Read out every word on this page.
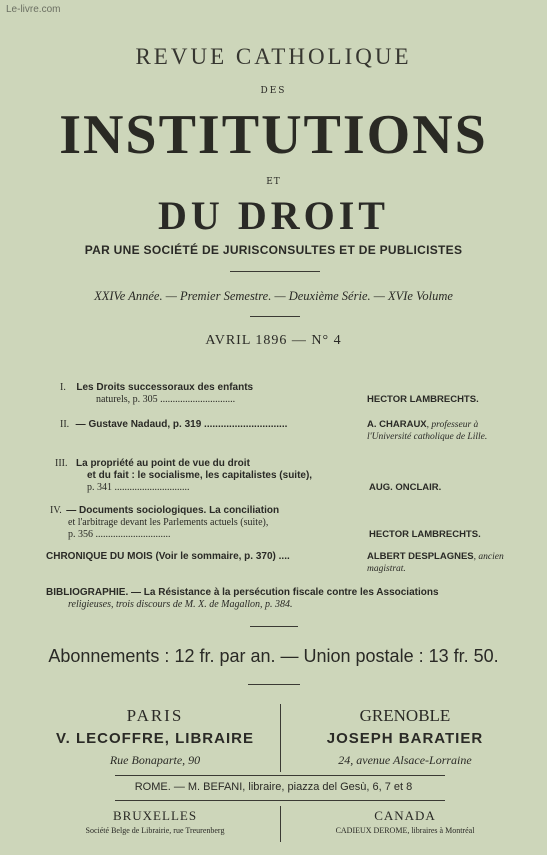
Le-livre.com
REVUE CATHOLIQUE
DES
INSTITUTIONS
ET
DU DROIT
PAR UNE SOCIÉTÉ DE JURISCONSULTES ET DE PUBLICISTES
XXIVe Année. — Premier Semestre. — Deuxième Série. — XVIe Volume
AVRIL 1896 — N° 4
I. Les Droits successoraux des enfants
naturels, p. 305 ..............................	HECTOR LAMBRECHTS.
II. — Gustave Nadaud, p. 319 ..............................	A. CHARAUX, professeur à l'Université catholique de Lille.
III. La propriété au point de vue du droit
et du fait : le socialisme, les capitalistes (suite),
p. 341 ..............................	AUG. ONCLAIR.
IV. — Documents sociologiques. La conciliation
et l'arbitrage devant les Parlements actuels (suite),
p. 356 ..............................	HECTOR LAMBRECHTS.
CHRONIQUE DU MOIS (Voir le sommaire, p. 370) ....	ALBERT DESPLAGNES, ancien magistrat.
BIBLIOGRAPHIE. — La Résistance à la persécution fiscale contre les Associations
religieuses, trois discours de M. X. de Magallon, p. 384.
Abonnements : 12 fr. par an. — Union postale : 13 fr. 50.
PARIS	GRENOBLE
V. LECOFFRE, LIBRAIRE	JOSEPH BARATIER
Rue Bonaparte, 90	24, avenue Alsace-Lorraine
ROME. — M. BEFANI, libraire, piazza del Gesù, 6, 7 et 8
BRUXELLES	CANADA
Société Belge de Librairie, rue Treurenberg	CADIEUX DEROME, libraires à Montréal
